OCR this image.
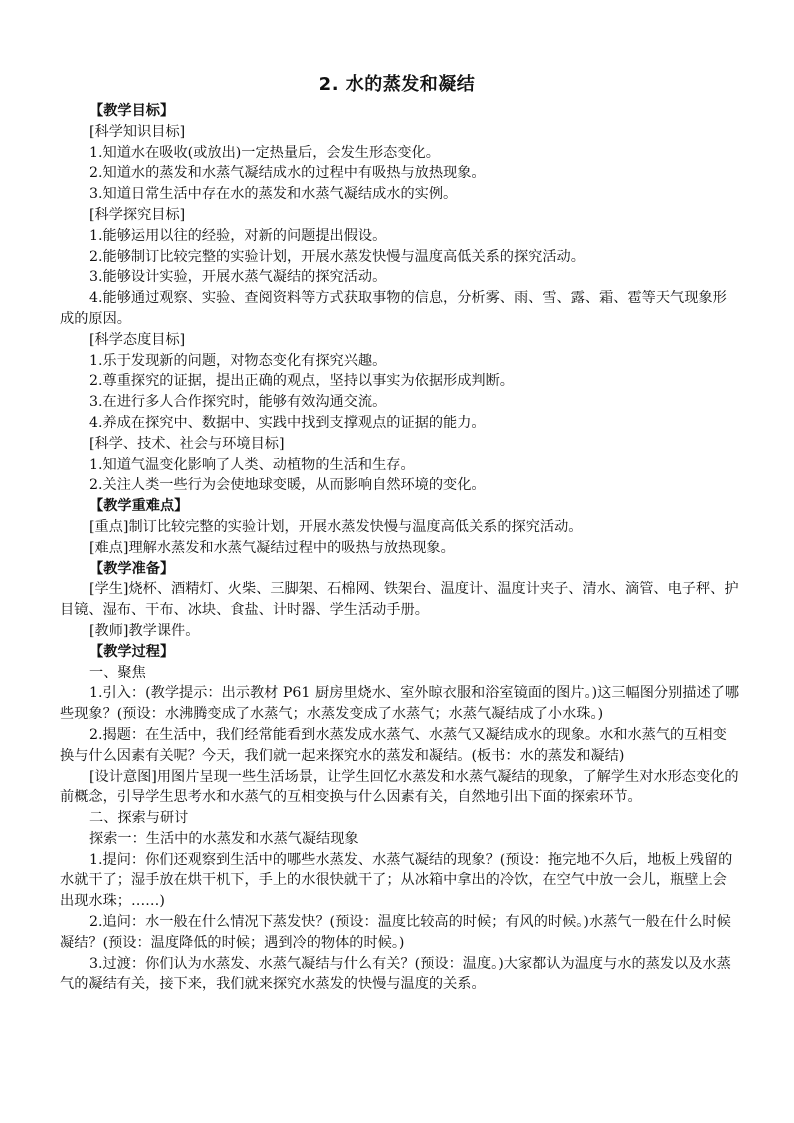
2. 水的蒸发和凝结

【教学目标】

[科学知识目标]

1.知道水在吸收(或放出)一定热量后，会发生形态变化。

2.知道水的蒸发和水蒸气凝结成水的过程中有吸热与放热现象。

3.知道日常生活中存在水的蒸发和水蒸气凝结成水的实例。

[科学探究目标]

1.能够运用以往的经验，对新的问题提出假设。

2.能够制订比较完整的实验计划，开展水蒸发快慢与温度高低关系的探究活动。

3.能够设计实验，开展水蒸气凝结的探究活动。

4.能够通过观察、实验、查阅资料等方式获取事物的信息，分析雾、雨、雪、露、霜、雹等天气现象形成的原因。

[科学态度目标]

1.乐于发现新的问题，对物态变化有探究兴趣。

2.尊重探究的证据，提出正确的观点，坚持以事实为依据形成判断。

3.在进行多人合作探究时，能够有效沟通交流。

4.养成在探究中、数据中、实践中找到支撑观点的证据的能力。

[科学、技术、社会与环境目标]

1.知道气温变化影响了人类、动植物的生活和生存。

2.关注人类一些行为会使地球变暖，从而影响自然环境的变化。

【教学重难点】

[重点]制订比较完整的实验计划，开展水蒸发快慢与温度高低关系的探究活动。

[难点]理解水蒸发和水蒸气凝结过程中的吸热与放热现象。

【教学准备】

[学生]烧杯、酒精灯、火柴、三脚架、石棉网、铁架台、温度计、温度计夹子、清水、滴管、电子秤、护目镜、湿布、干布、冰块、食盐、计时器、学生活动手册。

[教师]教学课件。

【教学过程】

一、聚焦

1.引入：(教学提示：出示教材 P61 厨房里烧水、室外晾衣服和浴室镜面的图片。)这三幅图分别描述了哪些现象？(预设：水沸腾变成了水蒸气；水蒸发变成了水蒸气；水蒸气凝结成了小水珠。)

2.揭题：在生活中，我们经常能看到水蒸发成水蒸气、水蒸气又凝结成水的现象。水和水蒸气的互相变换与什么因素有关呢？今天，我们就一起来探究水的蒸发和凝结。(板书：水的蒸发和凝结)

[设计意图]用图片呈现一些生活场景，让学生回忆水蒸发和水蒸气凝结的现象，了解学生对水形态变化的前概念，引导学生思考水和水蒸气的互相变换与什么因素有关，自然地引出下面的探索环节。

二、探索与研讨

探索一：生活中的水蒸发和水蒸气凝结现象

1.提问：你们还观察到生活中的哪些水蒸发、水蒸气凝结的现象？(预设：拖完地不久后，地板上残留的水就干了；湿手放在烘干机下，手上的水很快就干了；从冰箱中拿出的冷饮，在空气中放一会儿，瓶壁上会出现水珠；……)

2.追问：水一般在什么情况下蒸发快？(预设：温度比较高的时候；有风的时候。)水蒸气一般在什么时候凝结？(预设：温度降低的时候；遇到冷的物体的时候。)

3.过渡：你们认为水蒸发、水蒸气凝结与什么有关？(预设：温度。)大家都认为温度与水的蒸发以及水蒸气的凝结有关，接下来，我们就来探究水蒸发的快慢与温度的关系。
